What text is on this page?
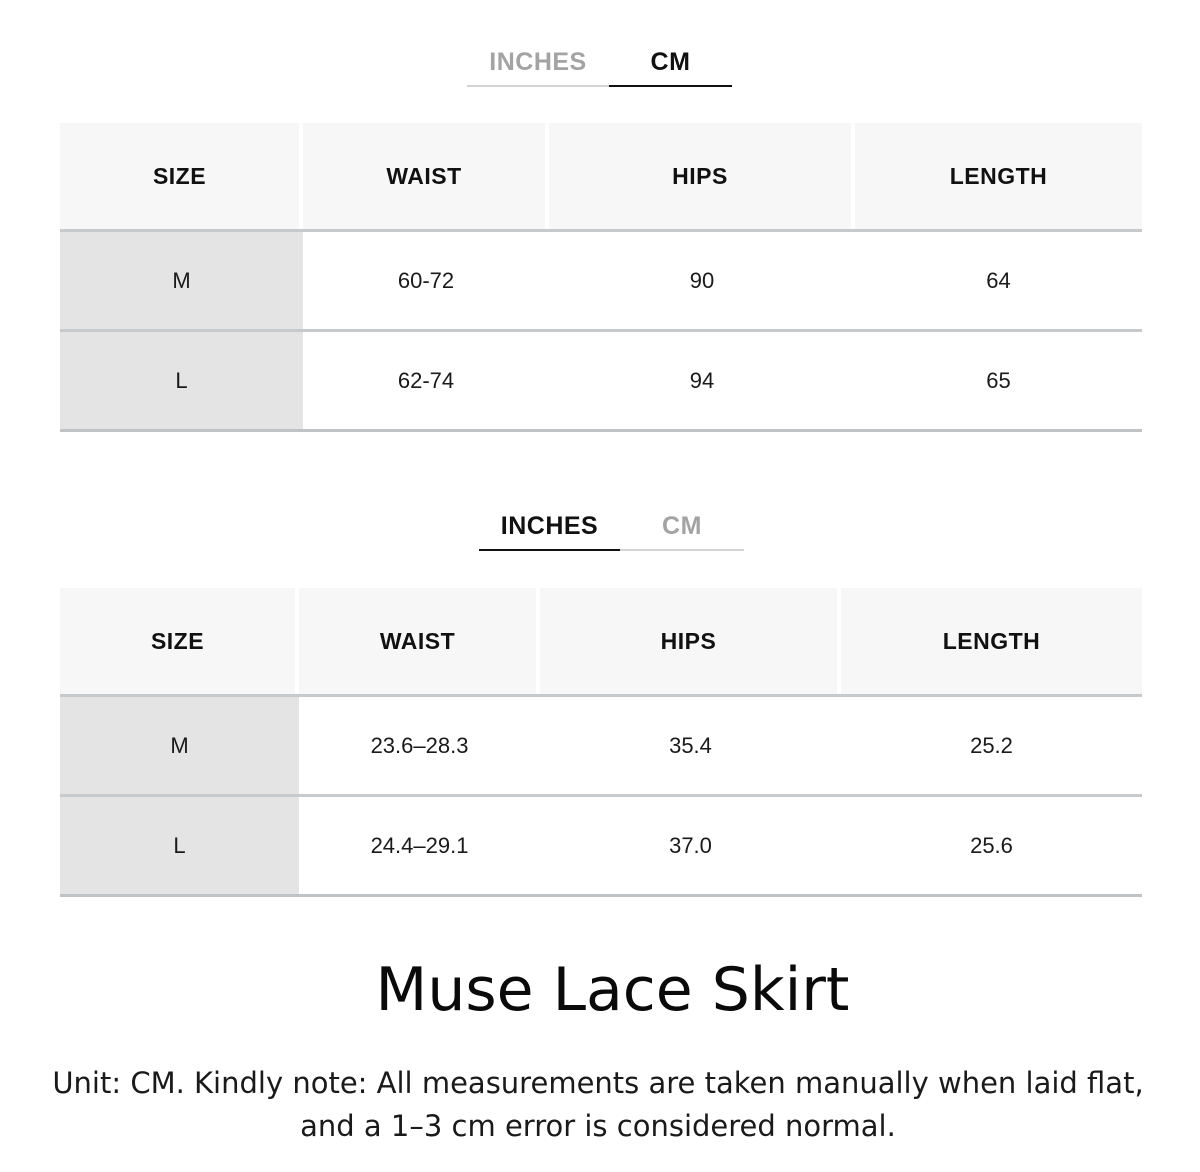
INCHES	CM
SIZE	WAIST	HIPS	LENGTH
M	60-72	90	64
L	62-74	94	65
INCHES	CM
SIZE	WAIST	HIPS	LENGTH
M	23.6–28.3	35.4	25.2
L	24.4–29.1	37.0	25.6
Muse Lace Skirt
Unit: CM. Kindly note: All measurements are taken manually when laid flat, and a 1–3 cm error is considered normal.
